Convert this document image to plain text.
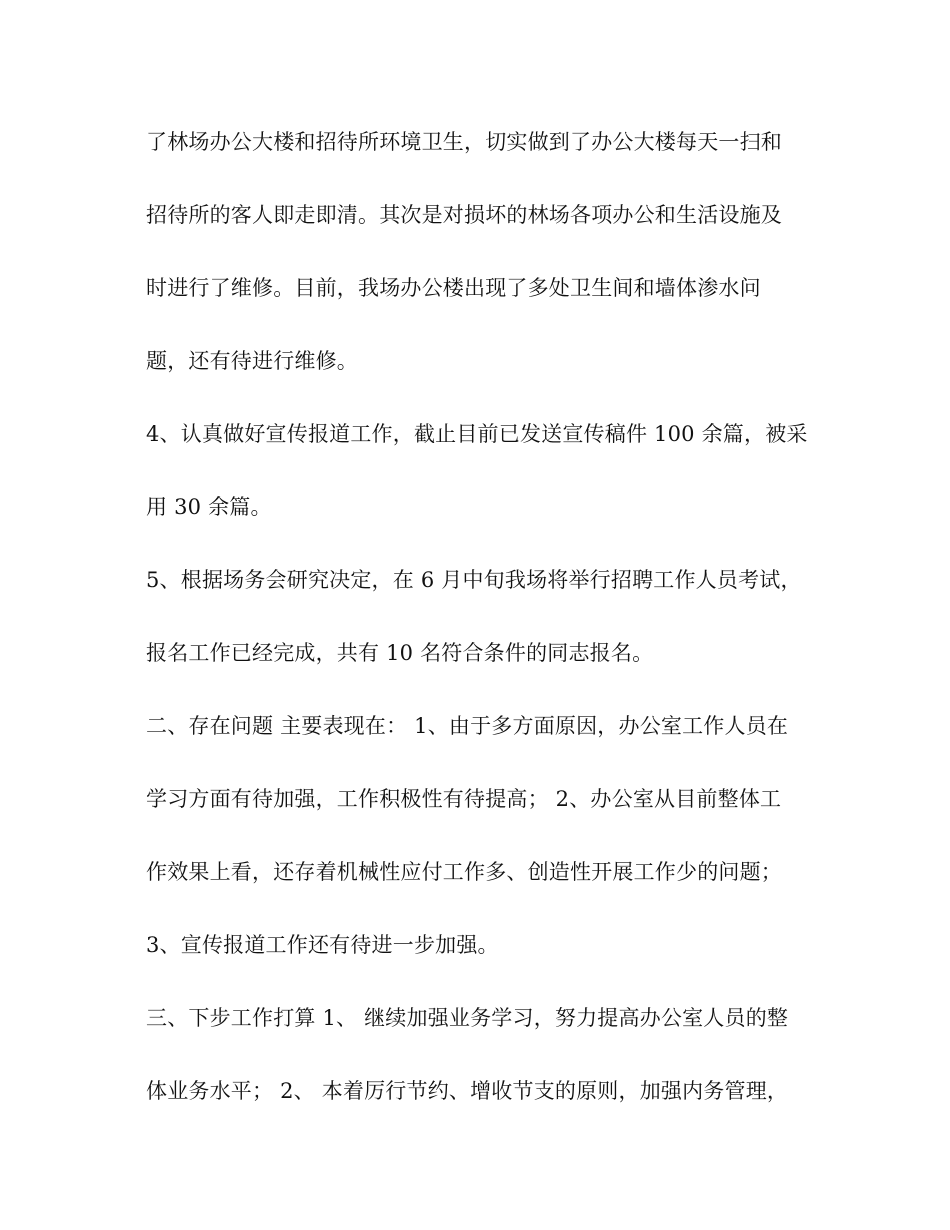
了林场办公大楼和招待所环境卫生，切实做到了办公大楼每天一扫和
招待所的客人即走即清。其次是对损坏的林场各项办公和生活设施及
时进行了维修。目前，我场办公楼出现了多处卫生间和墙体渗水问
题，还有待进行维修。
4、认真做好宣传报道工作，截止目前已发送宣传稿件 100 余篇，被采
用 30 余篇。
5、根据场务会研究决定，在 6 月中旬我场将举行招聘工作人员考试，
报名工作已经完成，共有 10 名符合条件的同志报名。
二、存在问题 主要表现在： 1、由于多方面原因，办公室工作人员在
学习方面有待加强，工作积极性有待提高； 2、办公室从目前整体工
作效果上看，还存着机械性应付工作多、创造性开展工作少的问题；
3、宣传报道工作还有待进一步加强。
三、下步工作打算 1、 继续加强业务学习，努力提高办公室人员的整
体业务水平； 2、 本着厉行节约、增收节支的原则，加强内务管理，
